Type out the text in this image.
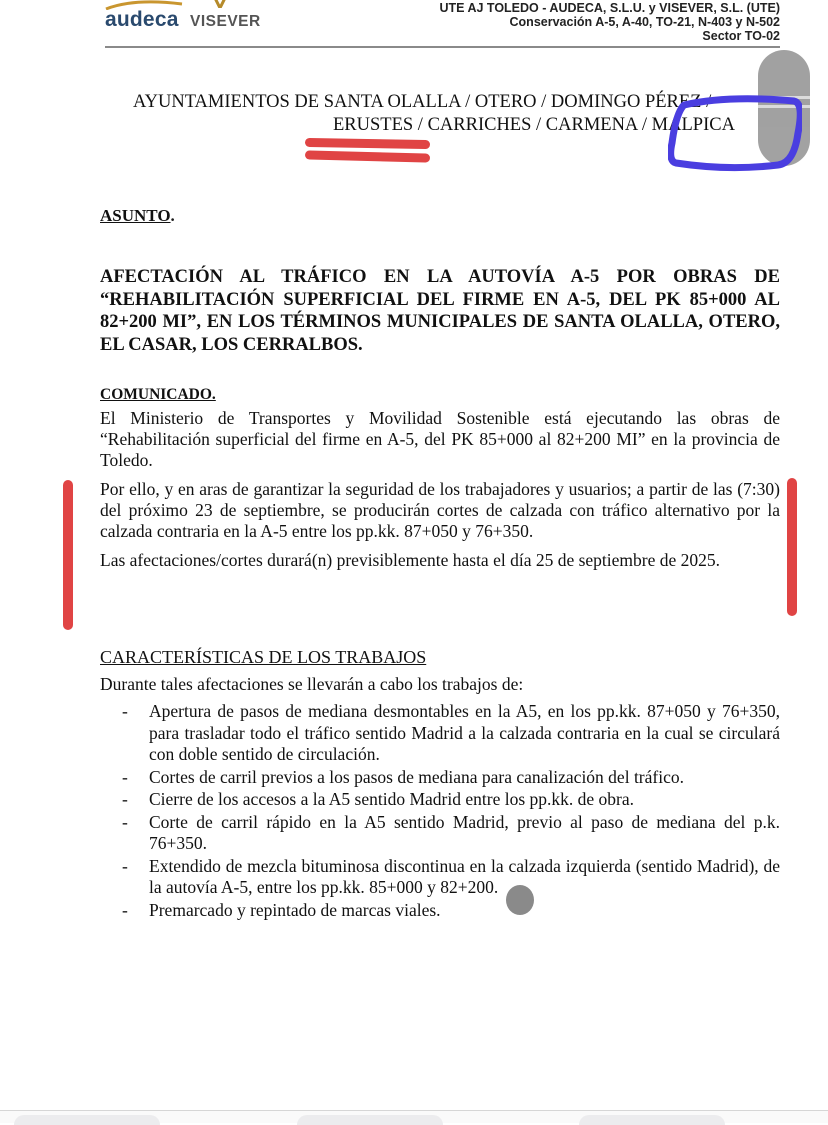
audeca VISEVER
UTE AJ TOLEDO - AUDECA, S.L.U. y VISEVER, S.L. (UTE)
Conservación A-5, A-40, TO-21, N-403 y N-502
Sector TO-02
AYUNTAMIENTOS DE SANTA OLALLA / OTERO / DOMINGO PÉREZ /
ERUSTES / CARRICHES / CARMENA / MALPICA
ASUNTO.
AFECTACIÓN AL TRÁFICO EN LA AUTOVÍA A-5 POR OBRAS DE “REHABILITACIÓN SUPERFICIAL DEL FIRME EN A-5, DEL PK 85+000 AL 82+200 MI”, EN LOS TÉRMINOS MUNICIPALES DE SANTA OLALLA, OTERO, EL CASAR, LOS CERRALBOS.
COMUNICADO.

El Ministerio de Transportes y Movilidad Sostenible está ejecutando las obras de “Rehabilitación superficial del firme en A-5, del PK 85+000 al 82+200 MI” en la provincia de Toledo.

Por ello, y en aras de garantizar la seguridad de los trabajadores y usuarios; a partir de las (7:30) del próximo 23 de septiembre, se producirán cortes de calzada con tráfico alternativo por la calzada contraria en la A-5 entre los pp.kk. 87+050 y 76+350.

Las afectaciones/cortes durará(n) previsiblemente hasta el día 25 de septiembre de 2025.

CARACTERÍSTICAS DE LOS TRABAJOS
Durante tales afectaciones se llevarán a cabo los trabajos de:
- Apertura de pasos de mediana desmontables en la A5, en los pp.kk. 87+050 y 76+350, para trasladar todo el tráfico sentido Madrid a la calzada contraria en la cual se circulará con doble sentido de circulación.
- Cortes de carril previos a los pasos de mediana para canalización del tráfico.
- Cierre de los accesos a la A5 sentido Madrid entre los pp.kk. de obra.
- Corte de carril rápido en la A5 sentido Madrid, previo al paso de mediana del p.k. 76+350.
- Extendido de mezcla bituminosa discontinua en la calzada izquierda (sentido Madrid), de la autovía A-5, entre los pp.kk. 85+000 y 82+200.
- Premarcado y repintado de marcas viales.
